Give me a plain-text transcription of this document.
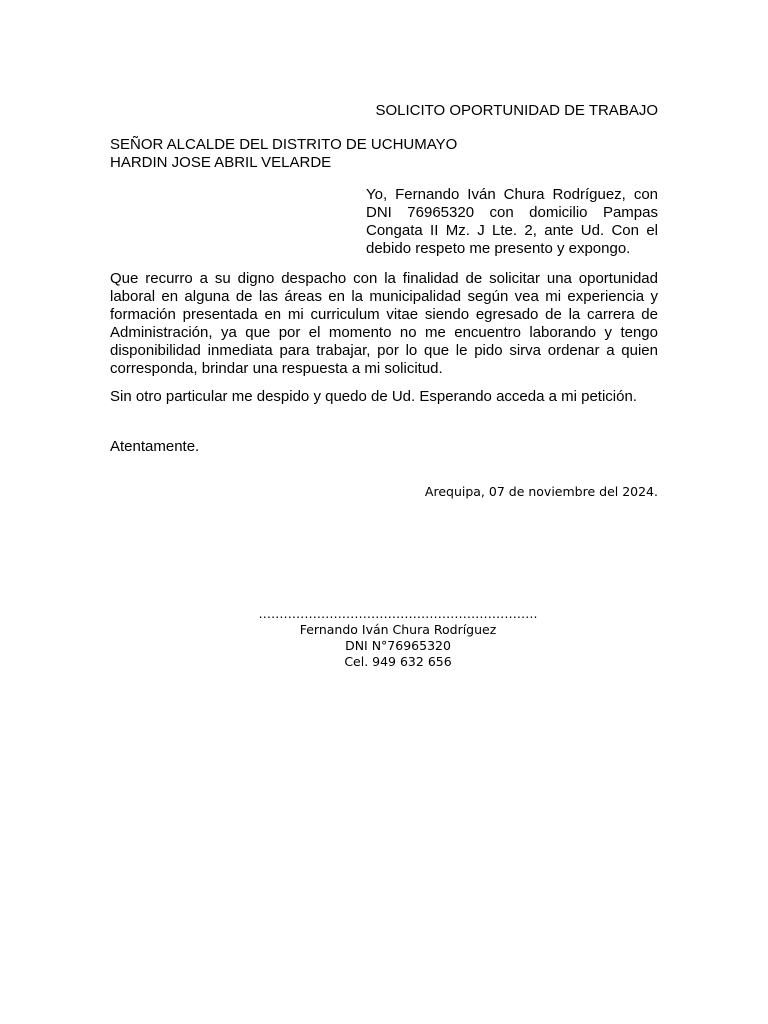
SOLICITO OPORTUNIDAD DE TRABAJO
SEÑOR ALCALDE DEL DISTRITO DE UCHUMAYO
HARDIN JOSE ABRIL VELARDE
Yo, Fernando Iván Chura Rodríguez, con DNI 76965320 con domicilio Pampas Congata II Mz. J Lte. 2, ante Ud. Con el debido respeto me presento y expongo.
Que recurro a su digno despacho con la finalidad de solicitar una oportunidad laboral en alguna de las áreas en la municipalidad según vea mi experiencia y formación presentada en mi curriculum vitae siendo egresado de la carrera de Administración, ya que por el momento no me encuentro laborando y tengo disponibilidad inmediata para trabajar, por lo que le pido sirva ordenar a quien corresponda, brindar una respuesta a mi solicitud.
Sin otro particular me despido y quedo de Ud. Esperando acceda a mi petición.
Atentamente.
Arequipa, 07 de noviembre del 2024.
………………………………………………………….
Fernando Iván Chura Rodríguez
DNI N°76965320
Cel. 949 632 656
